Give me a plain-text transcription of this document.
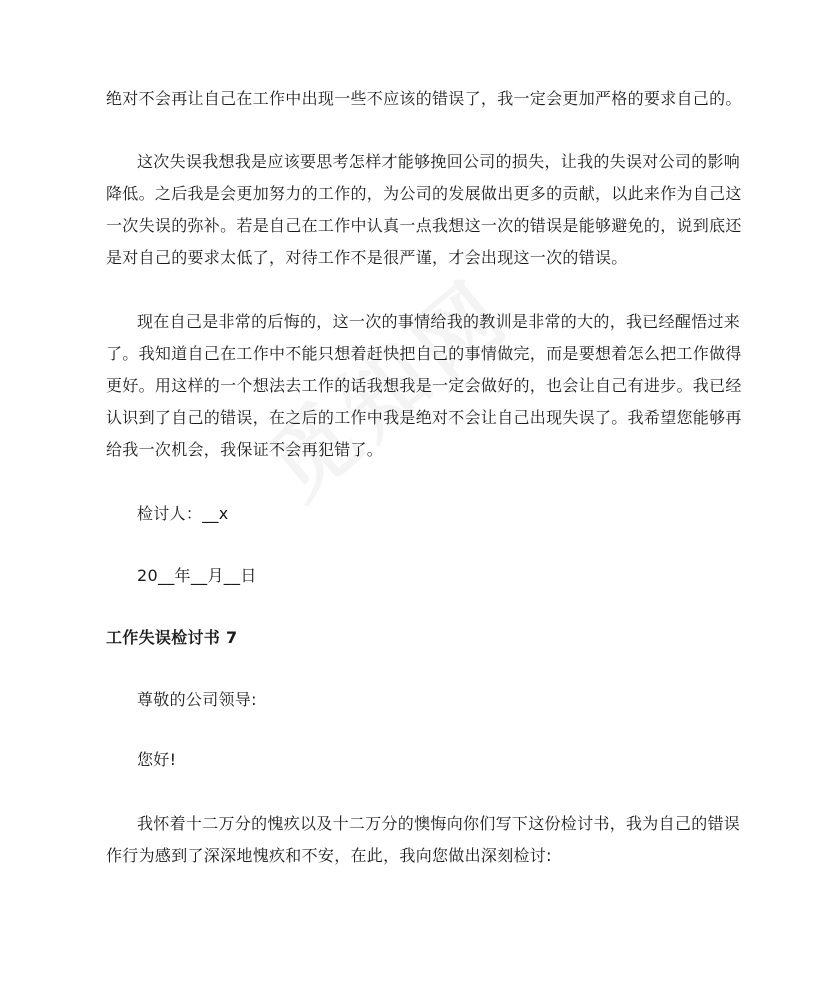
绝对不会再让自己在工作中出现一些不应该的错误了，我一定会更加严格的要求自己的。
这次失误我想我是应该要思考怎样才能够挽回公司的损失，让我的失误对公司的影响
降低。之后我是会更加努力的工作的，为公司的发展做出更多的贡献，以此来作为自己这
一次失误的弥补。若是自己在工作中认真一点我想这一次的错误是能够避免的，说到底还
是对自己的要求太低了，对待工作不是很严谨，才会出现这一次的错误。
现在自己是非常的后悔的，这一次的事情给我的教训是非常的大的，我已经醒悟过来
了。我知道自己在工作中不能只想着赶快把自己的事情做完，而是要想着怎么把工作做得
更好。用这样的一个想法去工作的话我想我是一定会做好的，也会让自己有进步。我已经
认识到了自己的错误，在之后的工作中我是绝对不会让自己出现失误了。我希望您能够再
给我一次机会，我保证不会再犯错了。
检讨人：__x
20__年__月__日
工作失误检讨书 7
尊敬的公司领导:
您好!
我怀着十二万分的愧疚以及十二万分的懊悔向你们写下这份检讨书，我为自己的错误
作行为感到了深深地愧疚和不安，在此，我向您做出深刻检讨:
